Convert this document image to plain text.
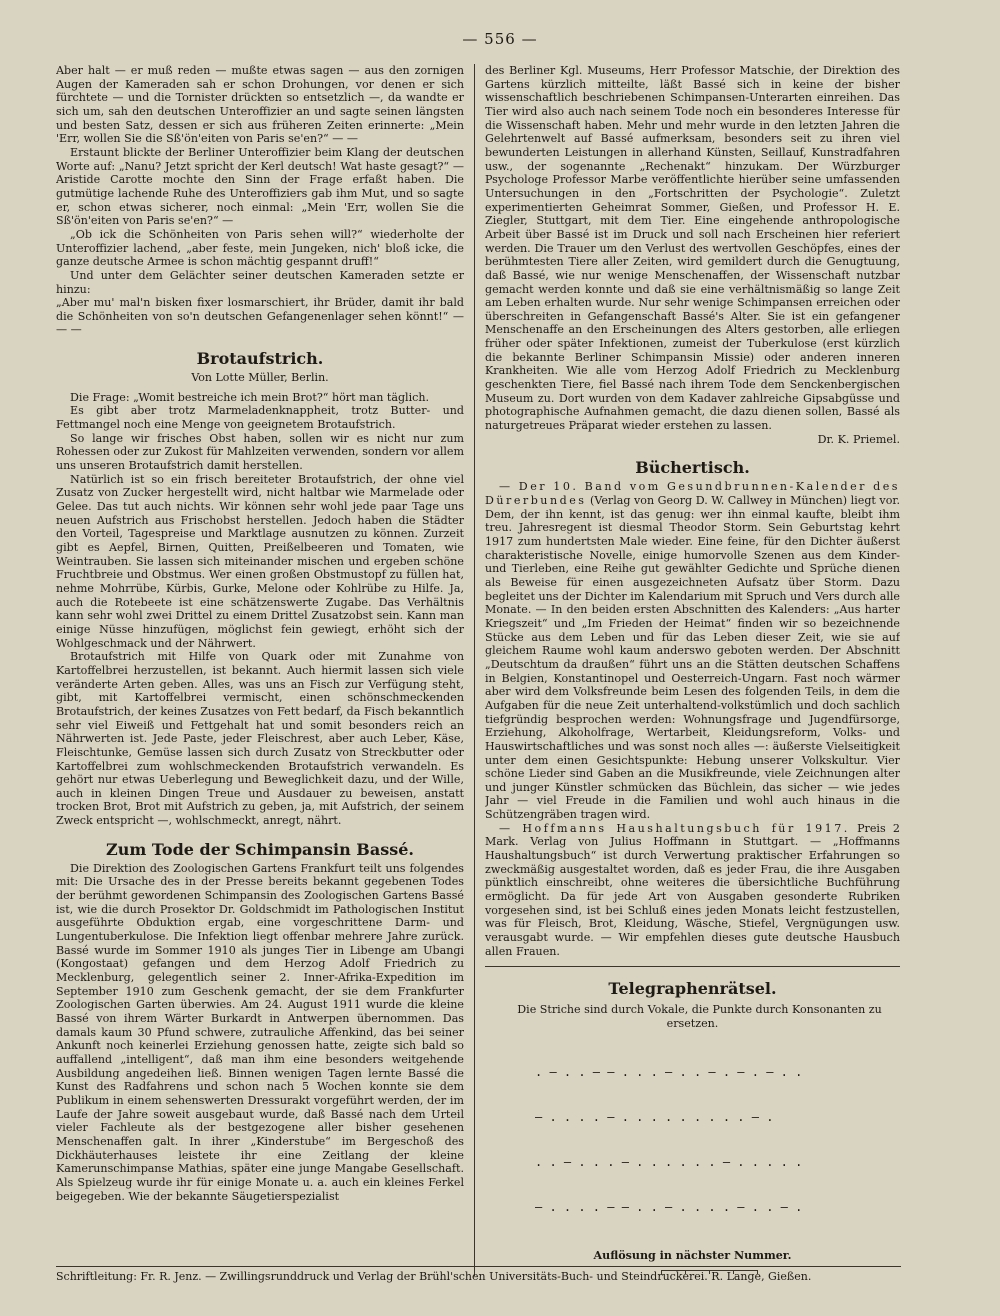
— 556 —

Aber halt — er muß reden — mußte etwas sagen — aus den zornigen Augen der Kameraden sah er schon Drohungen, vor denen er sich fürchtete — und die Tornister drückten so entsetzlich —, da wandte er sich um, sah den deutschen Unteroffizier an und sagte seinen längsten und besten Satz, dessen er sich aus früheren Zeiten erinnerte: „Mein 'Err, wollen Sie die Sß'ön'eiten von Paris se'en?“ — —

Erstaunt blickte der Berliner Unteroffizier beim Klang der deutschen Worte auf: „Nanu? Jetzt spricht der Kerl deutsch! Wat haste gesagt?“ — Aristide Carotte mochte den Sinn der Frage erfaßt haben. Die gutmütige lachende Ruhe des Unteroffiziers gab ihm Mut, und so sagte er, schon etwas sicherer, noch einmal: „Mein 'Err, wollen Sie die Sß'ön'eiten von Paris se'en?“ —

„Ob ick die Schönheiten von Paris sehen will?“ wiederholte der Unteroffizier lachend, „aber feste, mein Jungeken, nich' bloß icke, die ganze deutsche Armee is schon mächtig gespannt druff!“

Und unter dem Gelächter seiner deutschen Kameraden setzte er hinzu:

„Aber mu' mal'n bisken fixer losmarschiert, ihr Brüder, damit ihr bald die Schönheiten von so'n deutschen Gefangenenlager sehen könnt!“ — — —

Brotaufstrich.
Von Lotte Müller, Berlin.

Die Frage: „Womit bestreiche ich mein Brot?“ hört man täglich.

Es gibt aber trotz Marmeladenknappheit, trotz Butter- und Fettmangel noch eine Menge von geeignetem Brotaufstrich.

So lange wir frisches Obst haben, sollen wir es nicht nur zum Rohessen oder zur Zukost für Mahlzeiten verwenden, sondern vor allem uns unseren Brotaufstrich damit herstellen.

Natürlich ist so ein frisch bereiteter Brotaufstrich, der ohne viel Zusatz von Zucker hergestellt wird, nicht haltbar wie Marmelade oder Gelee. Das tut auch nichts. Wir können sehr wohl jede paar Tage uns neuen Aufstrich aus Frischobst herstellen. Jedoch haben die Städter den Vorteil, Tagespreise und Marktlage ausnutzen zu können. Zurzeit gibt es Aepfel, Birnen, Quitten, Preißelbeeren und Tomaten, wie Weintrauben. Sie lassen sich miteinander mischen und ergeben schöne Fruchtbreie und Obstmus. Wer einen großen Obstmustopf zu füllen hat, nehme Mohrrübe, Kürbis, Gurke, Melone oder Kohlrübe zu Hilfe. Ja, auch die Rotebeete ist eine schätzenswerte Zugabe. Das Verhältnis kann sehr wohl zwei Drittel zu einem Drittel Zusatzobst sein. Kann man einige Nüsse hinzufügen, möglichst fein gewiegt, erhöht sich der Wohlgeschmack und der Nährwert.

Brotaufstrich mit Hilfe von Quark oder mit Zunahme von Kartoffelbrei herzustellen, ist bekannt. Auch hiermit lassen sich viele veränderte Arten geben. Alles, was uns an Fisch zur Verfügung steht, gibt, mit Kartoffelbrei vermischt, einen schönschmeckenden Brotaufstrich, der keines Zusatzes von Fett bedarf, da Fisch bekanntlich sehr viel Eiweiß und Fettgehalt hat und somit besonders reich an Nährwerten ist. Jede Paste, jeder Fleischrest, aber auch Leber, Käse, Fleischtunke, Gemüse lassen sich durch Zusatz von Streckbutter oder Kartoffelbrei zum wohlschmeckenden Brotaufstrich verwandeln. Es gehört nur etwas Ueberlegung und Beweglichkeit dazu, und der Wille, auch in kleinen Dingen Treue und Ausdauer zu beweisen, anstatt trocken Brot, Brot mit Aufstrich zu geben, ja, mit Aufstrich, der seinem Zweck entspricht —, wohlschmeckt, anregt, nährt.

Zum Tode der Schimpansin Bassé.

Die Direktion des Zoologischen Gartens Frankfurt teilt uns folgendes mit: Die Ursache des in der Presse bereits bekannt gegebenen Todes der berühmt gewordenen Schimpansin des Zoologischen Gartens Bassé ist, wie die durch Prosektor Dr. Goldschmidt im Pathologischen Institut ausgeführte Obduktion ergab, eine vorgeschrittene Darm- und Lungentuberkulose. Die Infektion liegt offenbar mehrere Jahre zurück. Bassé wurde im Sommer 1910 als junges Tier in Libenge am Ubangi (Kongostaat) gefangen und dem Herzog Adolf Friedrich zu Mecklenburg, gelegentlich seiner 2. Inner-Afrika-Expedition im September 1910 zum Geschenk gemacht, der sie dem Frankfurter Zoologischen Garten überwies. Am 24. August 1911 wurde die kleine Bassé von ihrem Wärter Burkardt in Antwerpen übernommen. Das damals kaum 30 Pfund schwere, zutrauliche Affenkind, das bei seiner Ankunft noch keinerlei Erziehung genossen hatte, zeigte sich bald so auffallend „intelligent“, daß man ihm eine besonders weitgehende Ausbildung angedeihen ließ. Binnen wenigen Tagen lernte Bassé die Kunst des Radfahrens und schon nach 5 Wochen konnte sie dem Publikum in einem sehenswerten Dressurakt vorgeführt werden, der im Laufe der Jahre soweit ausgebaut wurde, daß Bassé nach dem Urteil vieler Fachleute als der bestgezogene aller bisher gesehenen Menschenaffen galt. In ihrer „Kinderstube“ im Bergeschoß des Dickhäuterhauses leistete ihr eine Zeitlang der kleine Kamerunschimpanse Mathias, später eine junge Mangabe Gesellschaft. Als Spielzeug wurde ihr für einige Monate u. a. auch ein kleines Ferkel beigegeben. Wie der bekannte Säugetierspezialist

des Berliner Kgl. Museums, Herr Professor Matschie, der Direktion des Gartens kürzlich mitteilte, läßt Bassé sich in keine der bisher wissenschaftlich beschriebenen Schimpansen-Unterarten einreihen. Das Tier wird also auch nach seinem Tode noch ein besonderes Interesse für die Wissenschaft haben. Mehr und mehr wurde in den letzten Jahren die Gelehrtenwelt auf Bassé aufmerksam, besonders seit zu ihren viel bewunderten Leistungen in allerhand Künsten, Seillauf, Kunstradfahren usw., der sogenannte „Rechenakt“ hinzukam. Der Würzburger Psychologe Professor Marbe veröffentlichte hierüber seine umfassenden Untersuchungen in den „Fortschritten der Psychologie“. Zuletzt experimentierten Geheimrat Sommer, Gießen, und Professor H. E. Ziegler, Stuttgart, mit dem Tier. Eine eingehende anthropologische Arbeit über Bassé ist im Druck und soll nach Erscheinen hier referiert werden. Die Trauer um den Verlust des wertvollen Geschöpfes, eines der berühmtesten Tiere aller Zeiten, wird gemildert durch die Genugtuung, daß Bassé, wie nur wenige Menschenaffen, der Wissenschaft nutzbar gemacht werden konnte und daß sie eine verhältnismäßig so lange Zeit am Leben erhalten wurde. Nur sehr wenige Schimpansen erreichen oder überschreiten in Gefangenschaft Bassé's Alter. Sie ist ein gefangener Menschenaffe an den Erscheinungen des Alters gestorben, alle erliegen früher oder später Infektionen, zumeist der Tuberkulose (erst kürzlich die bekannte Berliner Schimpansin Missie) oder anderen inneren Krankheiten. Wie alle vom Herzog Adolf Friedrich zu Mecklenburg geschenkten Tiere, fiel Bassé nach ihrem Tode dem Senckenbergischen Museum zu. Dort wurden von dem Kadaver zahlreiche Gipsabgüsse und photographische Aufnahmen gemacht, die dazu dienen sollen, Bassé als naturgetreues Präparat wieder erstehen zu lassen.

Dr. K. Priemel.
Büchertisch.

— Der 10. Band vom Gesundbrunnen-Kalender des Dürerbundes (Verlag von Georg D. W. Callwey in München) liegt vor. Dem, der ihn kennt, ist das genug: wer ihn einmal kaufte, bleibt ihm treu. Jahresregent ist diesmal Theodor Storm. Sein Geburtstag kehrt 1917 zum hundertsten Male wieder. Eine feine, für den Dichter äußerst charakteristische Novelle, einige humorvolle Szenen aus dem Kinder- und Tierleben, eine Reihe gut gewählter Gedichte und Sprüche dienen als Beweise für einen ausgezeichneten Aufsatz über Storm. Dazu begleitet uns der Dichter im Kalendarium mit Spruch und Vers durch alle Monate. — In den beiden ersten Abschnitten des Kalenders: „Aus harter Kriegszeit“ und „Im Frieden der Heimat“ finden wir so bezeichnende Stücke aus dem Leben und für das Leben dieser Zeit, wie sie auf gleichem Raume wohl kaum anderswo geboten werden. Der Abschnitt „Deutschtum da draußen“ führt uns an die Stätten deutschen Schaffens in Belgien, Konstantinopel und Oesterreich-Ungarn. Fast noch wärmer aber wird dem Volksfreunde beim Lesen des folgenden Teils, in dem die Aufgaben für die neue Zeit unterhaltend-volkstümlich und doch sachlich tiefgründig besprochen werden: Wohnungsfrage und Jugendfürsorge, Erziehung, Alkoholfrage, Wertarbeit, Kleidungsreform, Volks- und Hauswirtschaftliches und was sonst noch alles —: äußerste Vielseitigkeit unter dem einen Gesichtspunkte: Hebung unserer Volkskultur. Vier schöne Lieder sind Gaben an die Musikfreunde, viele Zeichnungen alter und junger Künstler schmücken das Büchlein, das sicher — wie jedes Jahr — viel Freude in die Familien und wohl auch hinaus in die Schützengräben tragen wird.

— Hoffmanns Haushaltungsbuch für 1917. Preis 2 Mark. Verlag von Julius Hoffmann in Stuttgart. — „Hoffmanns Haushaltungsbuch“ ist durch Verwertung praktischer Erfahrungen so zweckmäßig ausgestaltet worden, daß es jeder Frau, die ihre Ausgaben pünktlich einschreibt, ohne weiteres die übersichtliche Buchführung ermöglicht. Da für jede Art von Ausgaben gesonderte Rubriken vorgesehen sind, ist bei Schluß eines jeden Monats leicht festzustellen, was für Fleisch, Brot, Kleidung, Wäsche, Stiefel, Vergnügungen usw. verausgabt wurde. — Wir empfehlen dieses gute deutsche Hausbuch allen Frauen.

Telegraphenrätsel.

Die Striche sind durch Vokale, die Punkte durch Konsonanten zu ersetzen.

. — . . — — . . . — . . — . — . — . .

— . . . . — . . . . . . . . . — .

. . — . . . — . . . . . . — . . . . .

— . . . . — — . . — . . . . — . . — .

Auflösung in nächster Nummer.

Schriftleitung: Fr. R. Jenz. — Zwillingsrunddruck und Verlag der Brühl'schen Universitäts-Buch- und Steindruckerei. R. Lange, Gießen.
